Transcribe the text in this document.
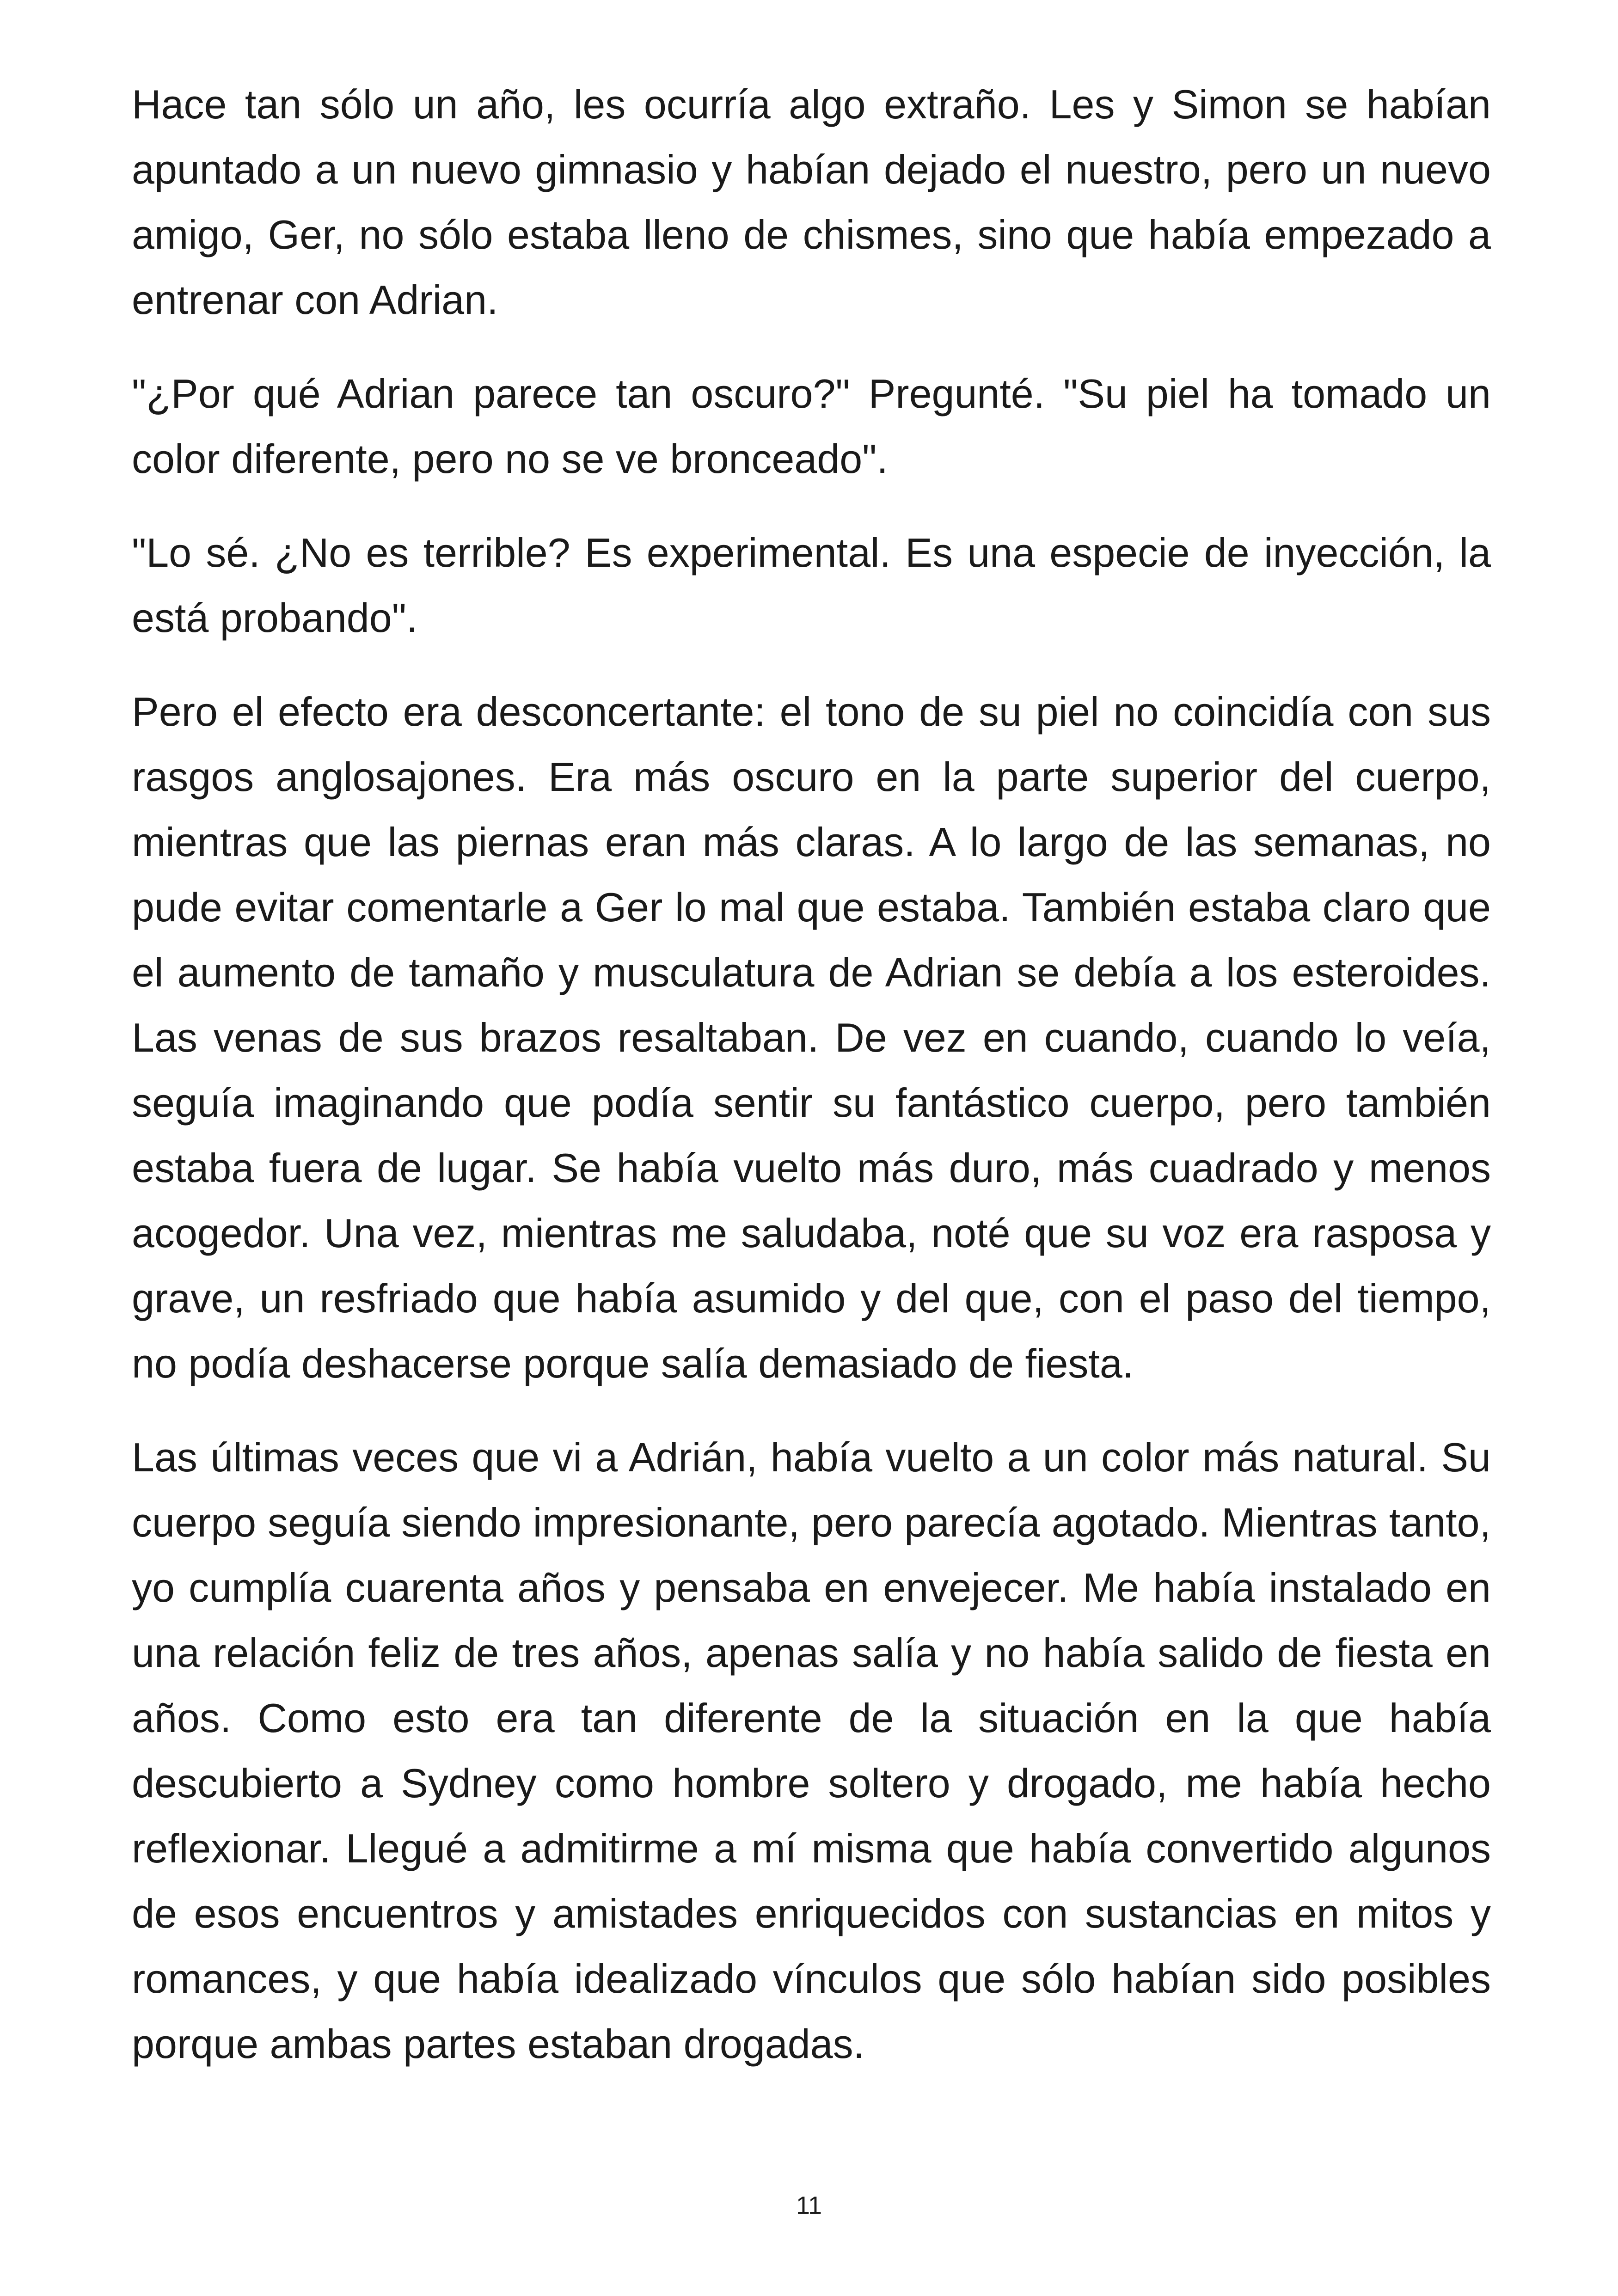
Hace tan sólo un año, les ocurría algo extraño. Les y Simon se habían apuntado a un nuevo gimnasio y habían dejado el nuestro, pero un nuevo amigo, Ger, no sólo estaba lleno de chismes, sino que había empezado a entrenar con Adrian.

"¿Por qué Adrian parece tan oscuro?" Pregunté. "Su piel ha tomado un color diferente, pero no se ve bronceado".

"Lo sé. ¿No es terrible? Es experimental. Es una especie de inyección, la está probando".

Pero el efecto era desconcertante: el tono de su piel no coincidía con sus rasgos anglosajones. Era más oscuro en la parte superior del cuerpo, mientras que las piernas eran más claras. A lo largo de las semanas, no pude evitar comentarle a Ger lo mal que estaba. También estaba claro que el aumento de tamaño y musculatura de Adrian se debía a los esteroides. Las venas de sus brazos resaltaban. De vez en cuando, cuando lo veía, seguía imaginando que podía sentir su fantástico cuerpo, pero también estaba fuera de lugar. Se había vuelto más duro, más cuadrado y menos acogedor. Una vez, mientras me saludaba, noté que su voz era rasposa y grave, un resfriado que había asumido y del que, con el paso del tiempo, no podía deshacerse porque salía demasiado de fiesta.

Las últimas veces que vi a Adrián, había vuelto a un color más natural. Su cuerpo seguía siendo impresionante, pero parecía agotado. Mientras tanto, yo cumplía cuarenta años y pensaba en envejecer. Me había instalado en una relación feliz de tres años, apenas salía y no había salido de fiesta en años. Como esto era tan diferente de la situación en la que había descubierto a Sydney como hombre soltero y drogado, me había hecho reflexionar. Llegué a admitirme a mí misma que había convertido algunos de esos encuentros y amistades enriquecidos con sustancias en mitos y romances, y que había idealizado vínculos que sólo habían sido posibles porque ambas partes estaban drogadas.

11
